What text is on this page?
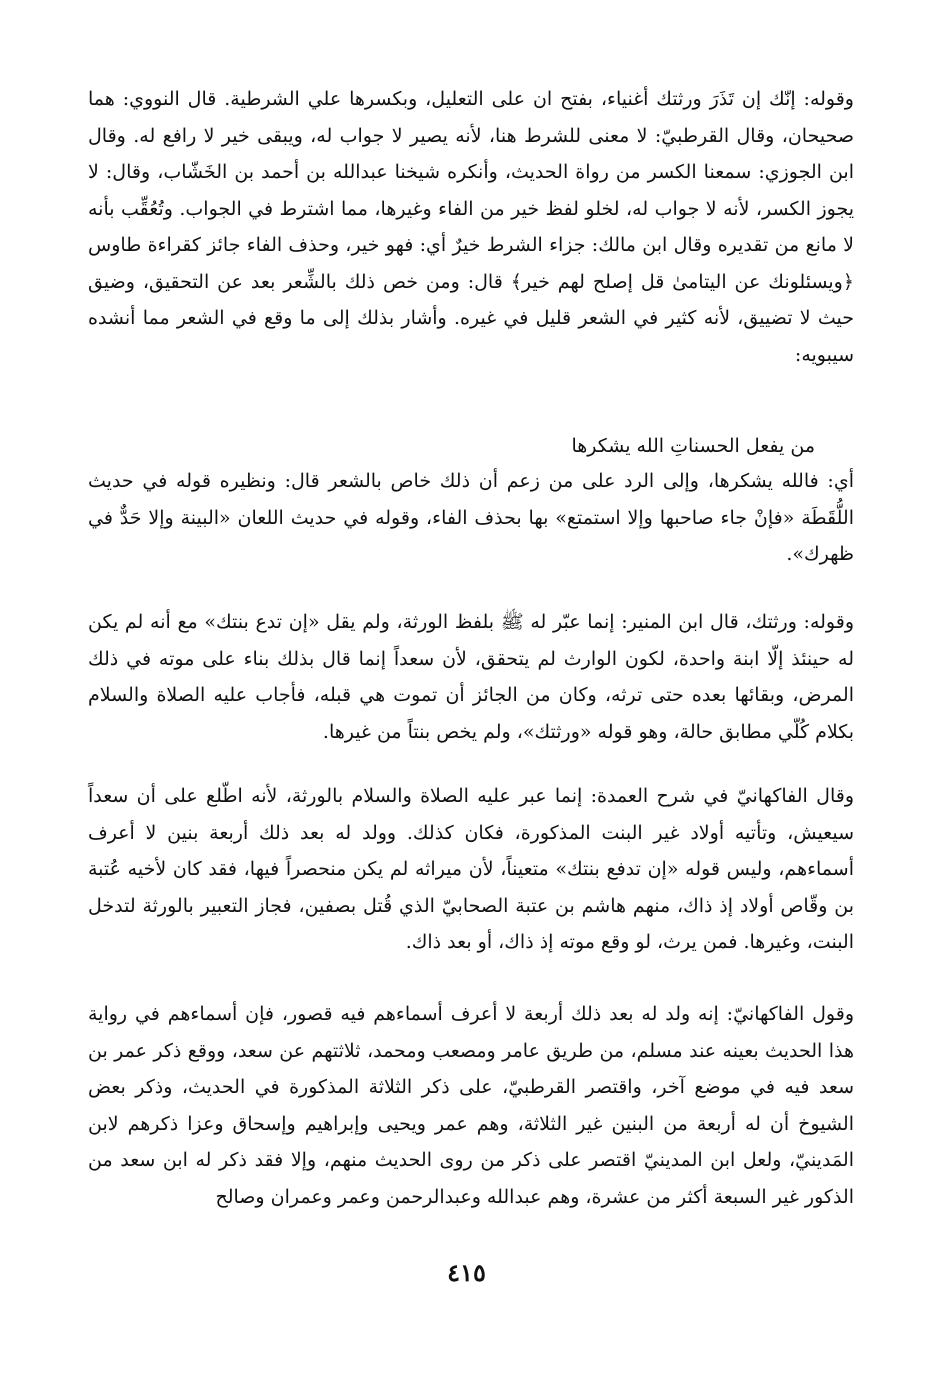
وقوله: إنّك إن تَذَرَ ورثتك أغنياء، بفتح ان على التعليل، وبكسرها علي الشرطية. قال النووي: هما صحيحان، وقال القرطبيّ: لا معنى للشرط هنا، لأنه يصير لا جواب له، ويبقى خير لا رافع له. وقال ابن الجوزي: سمعنا الكسر من رواة الحديث، وأنكره شيخنا عبدالله بن أحمد بن الخَشّاب، وقال: لا يجوز الكسر، لأنه لا جواب له، لخلو لفظ خير من الفاء وغيرها، مما اشترط في الجواب. وتُعُقِّب بأنه لا مانع من تقديره وقال ابن مالك: جزاء الشرط خيرٌ أي: فهو خير، وحذف الفاء جائز كقراءة طاوس ﴿ويسئلونك عن اليتامىٰ قل إصلح لهم خير﴾ قال: ومن خص ذلك بالشِّعر بعد عن التحقيق، وضيق حيث لا تضييق، لأنه كثير في الشعر قليل في غيره. وأشار بذلك إلى ما وقع في الشعر مما أنشده سيبويه:

من يفعل الحسناتِ الله يشكرها

أي: فالله يشكرها، وإلى الرد على من زعم أن ذلك خاص بالشعر قال: ونظيره قوله في حديث اللُّقَطَة «فإنْ جاء صاحبها وإلا استمتع» بها بحذف الفاء، وقوله في حديث اللعان «البينة وإلا حَدٌّ في ظهرك».

وقوله: ورثتك، قال ابن المنير: إنما عبّر له ﷺ بلفظ الورثة، ولم يقل «إن تدع بنتك» مع أنه لم يكن له حينئذ إلّا ابنة واحدة، لكون الوارث لم يتحقق، لأن سعداً إنما قال بذلك بناء على موته في ذلك المرض، وبقائها بعده حتى ترثه، وكان من الجائز أن تموت هي قبله، فأجاب عليه الصلاة والسلام بكلام كُلّي مطابق حالة، وهو قوله «ورثتك»، ولم يخص بنتاً من غيرها.

وقال الفاكهانيّ في شرح العمدة: إنما عبر عليه الصلاة والسلام بالورثة، لأنه اطّلع على أن سعداً سيعيش، وتأتيه أولاد غير البنت المذكورة، فكان كذلك. وولد له بعد ذلك أربعة بنين لا أعرف أسماءهم، وليس قوله «إن تدفع بنتك» متعيناً، لأن ميراثه لم يكن منحصراً فيها، فقد كان لأخيه عُتبة بن وقّاص أولاد إذ ذاك، منهم هاشم بن عتبة الصحابيّ الذي قُتل بصفين، فجاز التعبير بالورثة لتدخل البنت، وغيرها. فمن يرث، لو وقع موته إذ ذاك، أو بعد ذاك.

وقول الفاكهانيّ: إنه ولد له بعد ذلك أربعة لا أعرف أسماءهم فيه قصور، فإن أسماءهم في رواية هذا الحديث بعينه عند مسلم، من طريق عامر ومصعب ومحمد، ثلاثتهم عن سعد، ووقع ذكر عمر بن سعد فيه في موضع آخر، واقتصر القرطبيّ، على ذكر الثلاثة المذكورة في الحديث، وذكر بعض الشيوخ أن له أربعة من البنين غير الثلاثة، وهم عمر ويحيى وإبراهيم وإسحاق وعزا ذكرهم لابن المَدينيّ، ولعل ابن المدينيّ اقتصر على ذكر من روى الحديث منهم، وإلا فقد ذكر له ابن سعد من الذكور غير السبعة أكثر من عشرة، وهم عبدالله وعبدالرحمن وعمر وعمران وصالح

٤١٥
